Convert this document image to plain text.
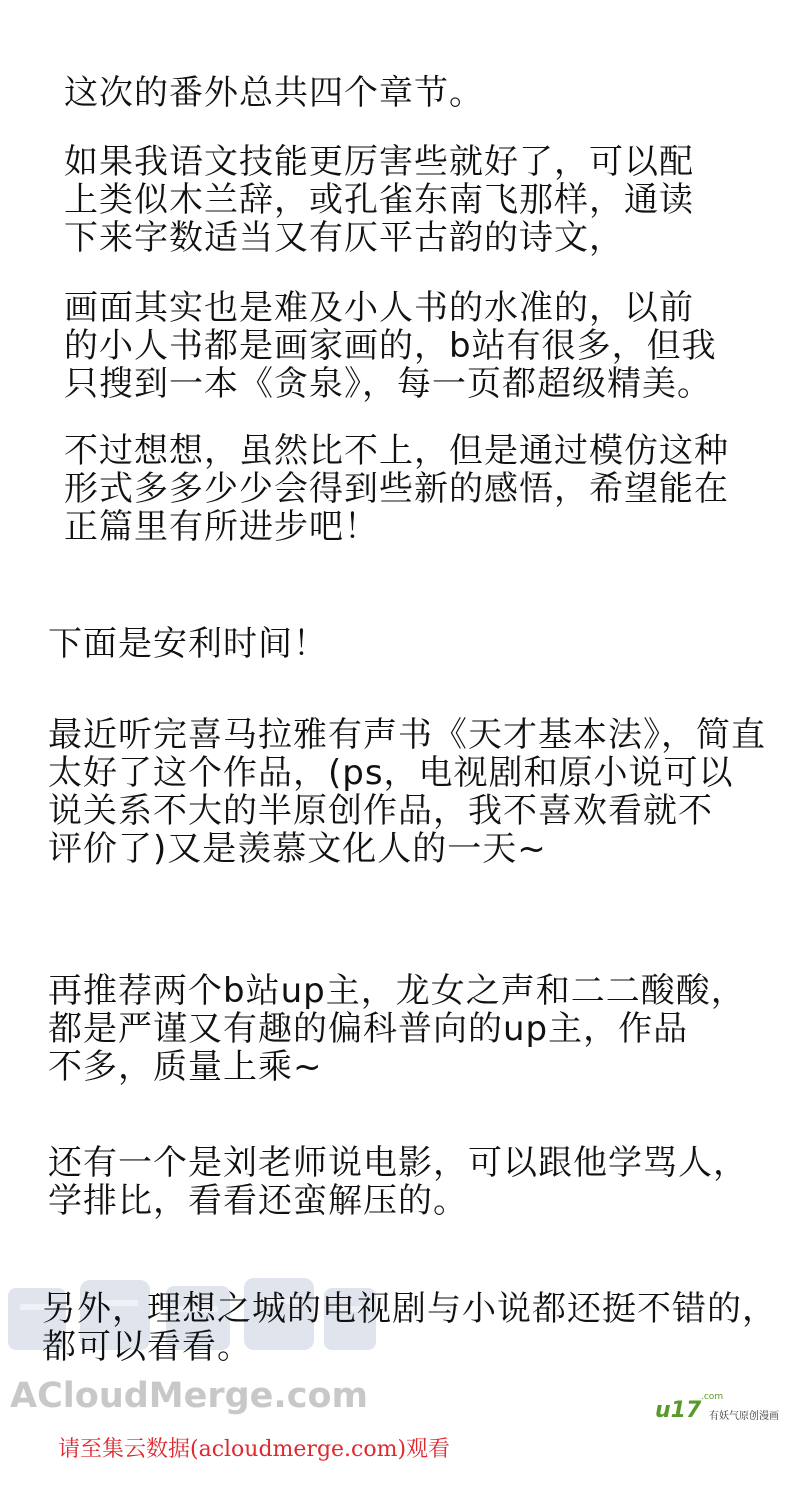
这次的番外总共四个章节。

如果我语文技能更厉害些就好了，可以配
上类似木兰辞，或孔雀东南飞那样，通读
下来字数适当又有仄平古韵的诗文，

画面其实也是难及小人书的水准的，以前
的小人书都是画家画的，b站有很多，但我
只搜到一本《贪泉》，每一页都超级精美。

不过想想，虽然比不上，但是通过模仿这种
形式多多少少会得到些新的感悟，希望能在
正篇里有所进步吧！

下面是安利时间！

最近听完喜马拉雅有声书《天才基本法》，简直
太好了这个作品，(ps，电视剧和原小说可以
说关系不大的半原创作品，我不喜欢看就不
评价了)又是羡慕文化人的一天~

再推荐两个b站up主，龙女之声和二二酸酸，
都是严谨又有趣的偏科普向的up主，作品
不多，质量上乘~

还有一个是刘老师说电影，可以跟他学骂人，
学排比，看看还蛮解压的。

另外，理想之城的电视剧与小说都还挺不错的，
都可以看看。

ACloudMerge.com	u17
.com
有妖气原创漫画
请至集云数据(acloudmerge.com)观看
